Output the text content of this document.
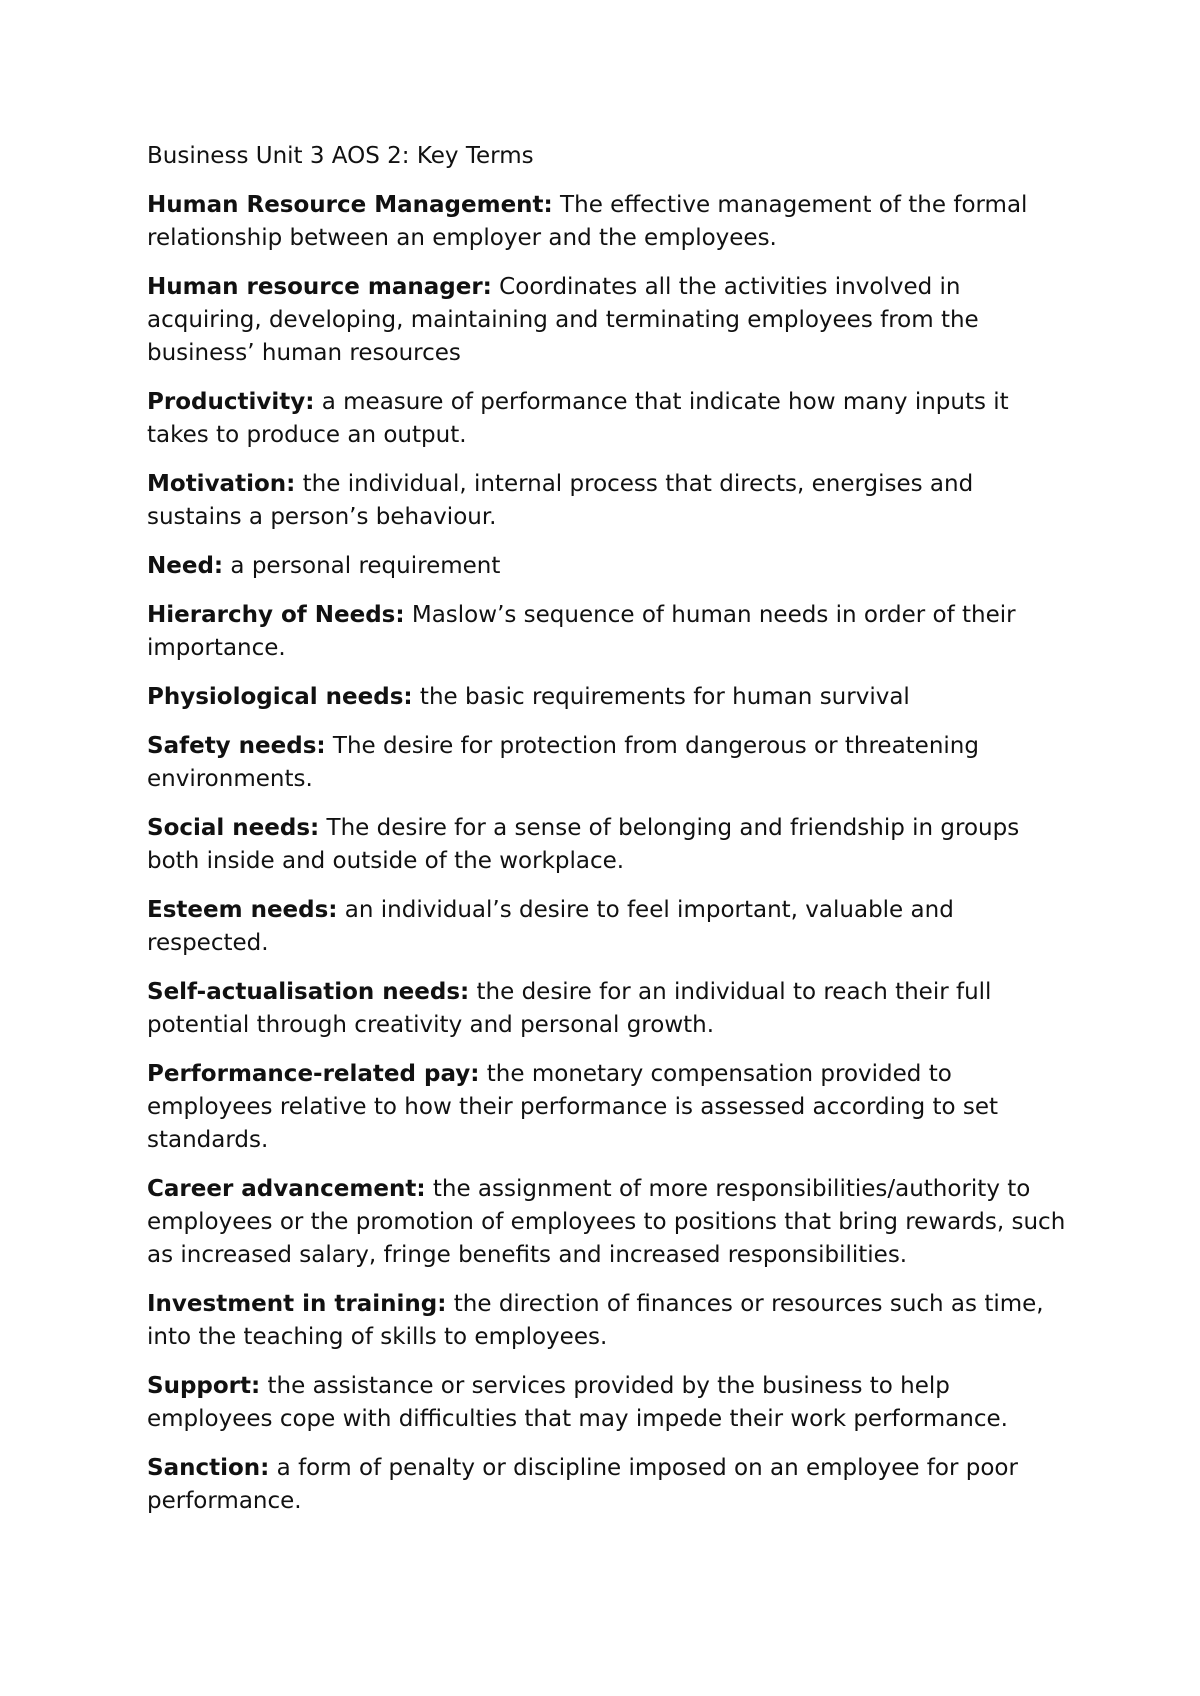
Business Unit 3 AOS 2: Key Terms

Human Resource Management: The effective management of the formal relationship between an employer and the employees.

Human resource manager: Coordinates all the activities involved in acquiring, developing, maintaining and terminating employees from the business’ human resources

Productivity: a measure of performance that indicate how many inputs it takes to produce an output.

Motivation: the individual, internal process that directs, energises and sustains a person’s behaviour.

Need: a personal requirement

Hierarchy of Needs: Maslow’s sequence of human needs in order of their importance.

Physiological needs: the basic requirements for human survival

Safety needs: The desire for protection from dangerous or threatening environments.

Social needs: The desire for a sense of belonging and friendship in groups both inside and outside of the workplace.

Esteem needs: an individual’s desire to feel important, valuable and respected.

Self-actualisation needs: the desire for an individual to reach their full potential through creativity and personal growth.

Performance-related pay: the monetary compensation provided to employees relative to how their performance is assessed according to set standards.

Career advancement: the assignment of more responsibilities/authority to employees or the promotion of employees to positions that bring rewards, such as increased salary, fringe benefits and increased responsibilities.

Investment in training: the direction of finances or resources such as time, into the teaching of skills to employees.

Support: the assistance or services provided by the business to help employees cope with difficulties that may impede their work performance.

Sanction: a form of penalty or discipline imposed on an employee for poor performance.
